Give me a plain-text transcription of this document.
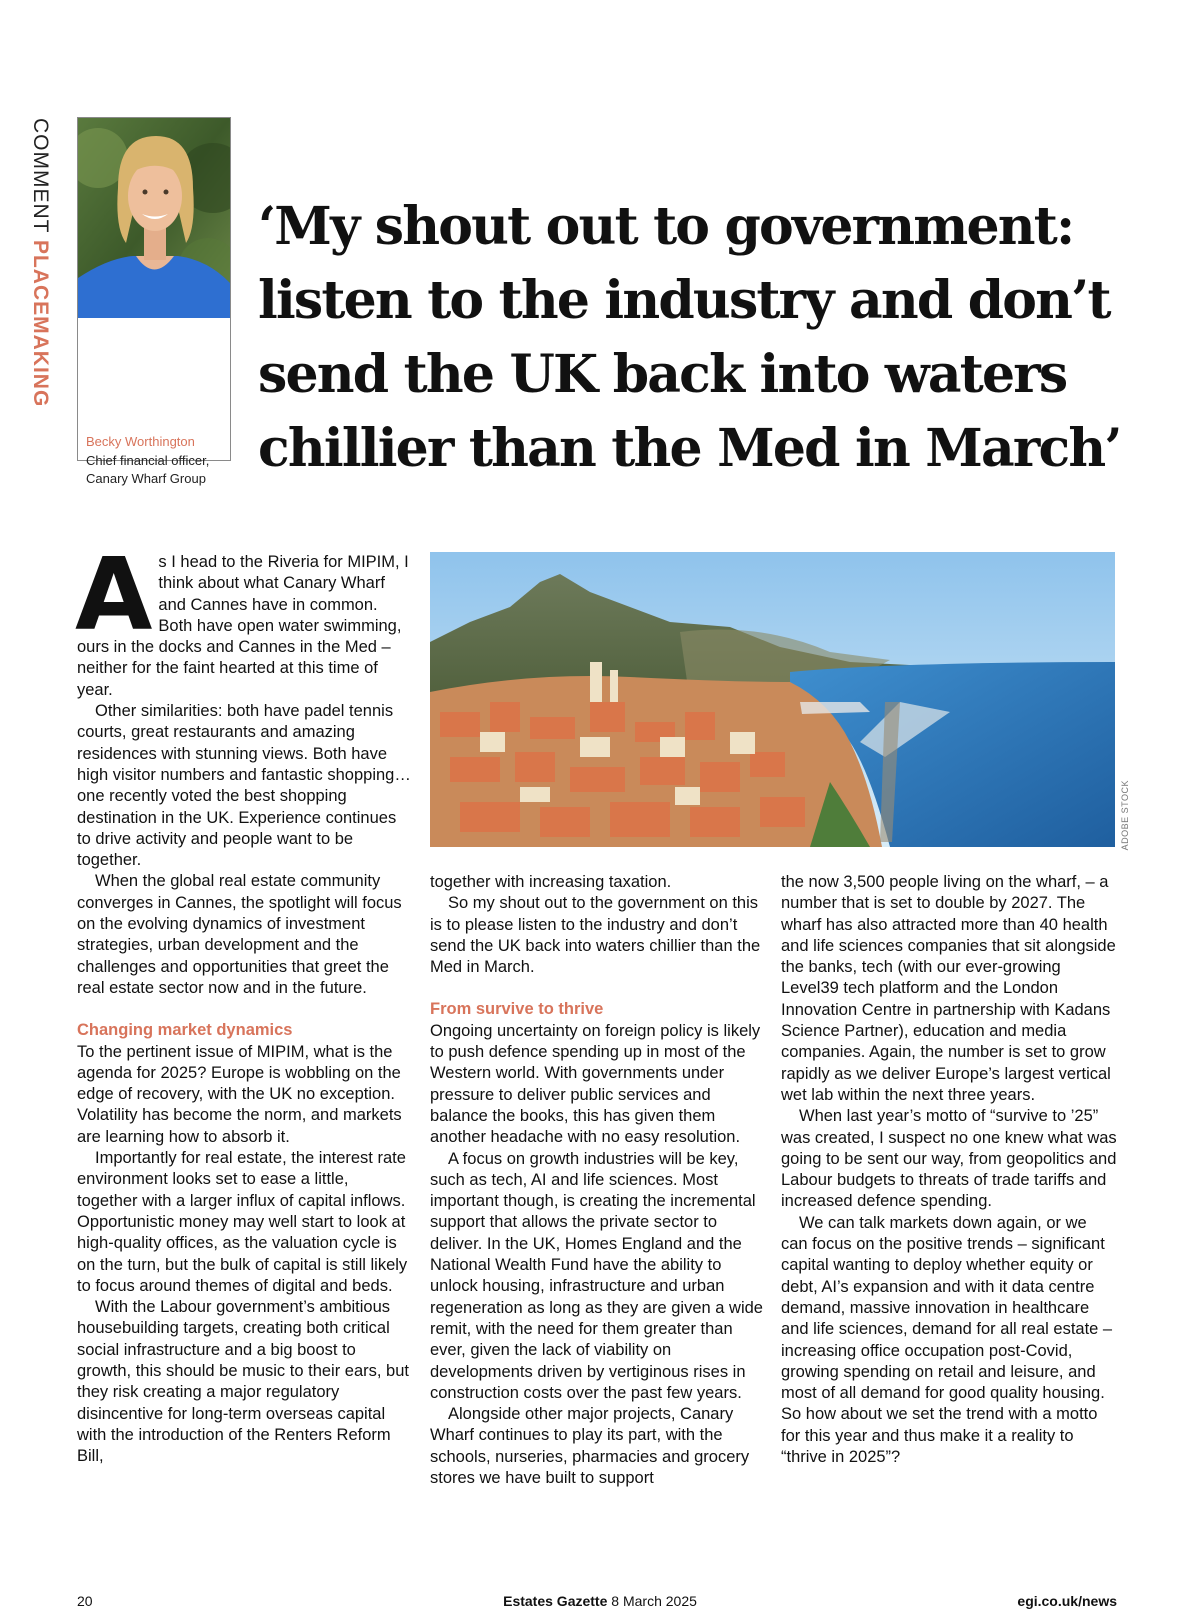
COMMENT PLACEMAKING
Becky Worthington
Chief financial officer,
Canary Wharf Group
‘My shout out to government: listen to the industry and don’t send the UK back into waters chillier than the Med in March’
ADOBE STOCK

As I head to the Riveria for MIPIM, I think about what Canary Wharf and Cannes have in common. Both have open water swimming, ours in the docks and Cannes in the Med – neither for the faint hearted at this time of year.

Other similarities: both have padel tennis courts, great restaurants and amazing residences with stunning views. Both have high visitor numbers and fantastic shopping… one recently voted the best shopping destination in the UK. Experience continues to drive activity and people want to be together.

When the global real estate community converges in Cannes, the spotlight will focus on the evolving dynamics of investment strategies, urban development and the challenges and opportunities that greet the real estate sector now and in the future.

Changing market dynamics

To the pertinent issue of MIPIM, what is the agenda for 2025? Europe is wobbling on the edge of recovery, with the UK no exception. Volatility has become the norm, and markets are learning how to absorb it.

Importantly for real estate, the interest rate environment looks set to ease a little, together with a larger influx of capital inflows. Opportunistic money may well start to look at high-quality offices, as the valuation cycle is on the turn, but the bulk of capital is still likely to focus around themes of digital and beds.

With the Labour government’s ambitious housebuilding targets, creating both critical social infrastructure and a big boost to growth, this should be music to their ears, but they risk creating a major regulatory disincentive for long-term overseas capital with the introduction of the Renters Reform Bill,

together with increasing taxation.

So my shout out to the government on this is to please listen to the industry and don’t send the UK back into waters chillier than the Med in March.

From survive to thrive

Ongoing uncertainty on foreign policy is likely to push defence spending up in most of the Western world. With governments under pressure to deliver public services and balance the books, this has given them another headache with no easy resolution.

A focus on growth industries will be key, such as tech, AI and life sciences. Most important though, is creating the incremental support that allows the private sector to deliver. In the UK, Homes England and the National Wealth Fund have the ability to unlock housing, infrastructure and urban regeneration as long as they are given a wide remit, with the need for them greater than ever, given the lack of viability on developments driven by vertiginous rises in construction costs over the past few years.

Alongside other major projects, Canary Wharf continues to play its part, with the schools, nurseries, pharmacies and grocery stores we have built to support

the now 3,500 people living on the wharf, – a number that is set to double by 2027. The wharf has also attracted more than 40 health and life sciences companies that sit alongside the banks, tech (with our ever-growing Level39 tech platform and the London Innovation Centre in partnership with Kadans Science Partner), education and media companies. Again, the number is set to grow rapidly as we deliver Europe’s largest vertical wet lab within the next three years.

When last year’s motto of “survive to ’25” was created, I suspect no one knew what was going to be sent our way, from geopolitics and Labour budgets to threats of trade tariffs and increased defence spending.

We can talk markets down again, or we can focus on the positive trends – significant capital wanting to deploy whether equity or debt, AI’s expansion and with it data centre demand, massive innovation in healthcare and life sciences, demand for all real estate – increasing office occupation post-Covid, growing spending on retail and leisure, and most of all demand for good quality housing. So how about we set the trend with a motto for this year and thus make it a reality to “thrive in 2025”?

20	Estates Gazette 8 March 2025	egi.co.uk/news
